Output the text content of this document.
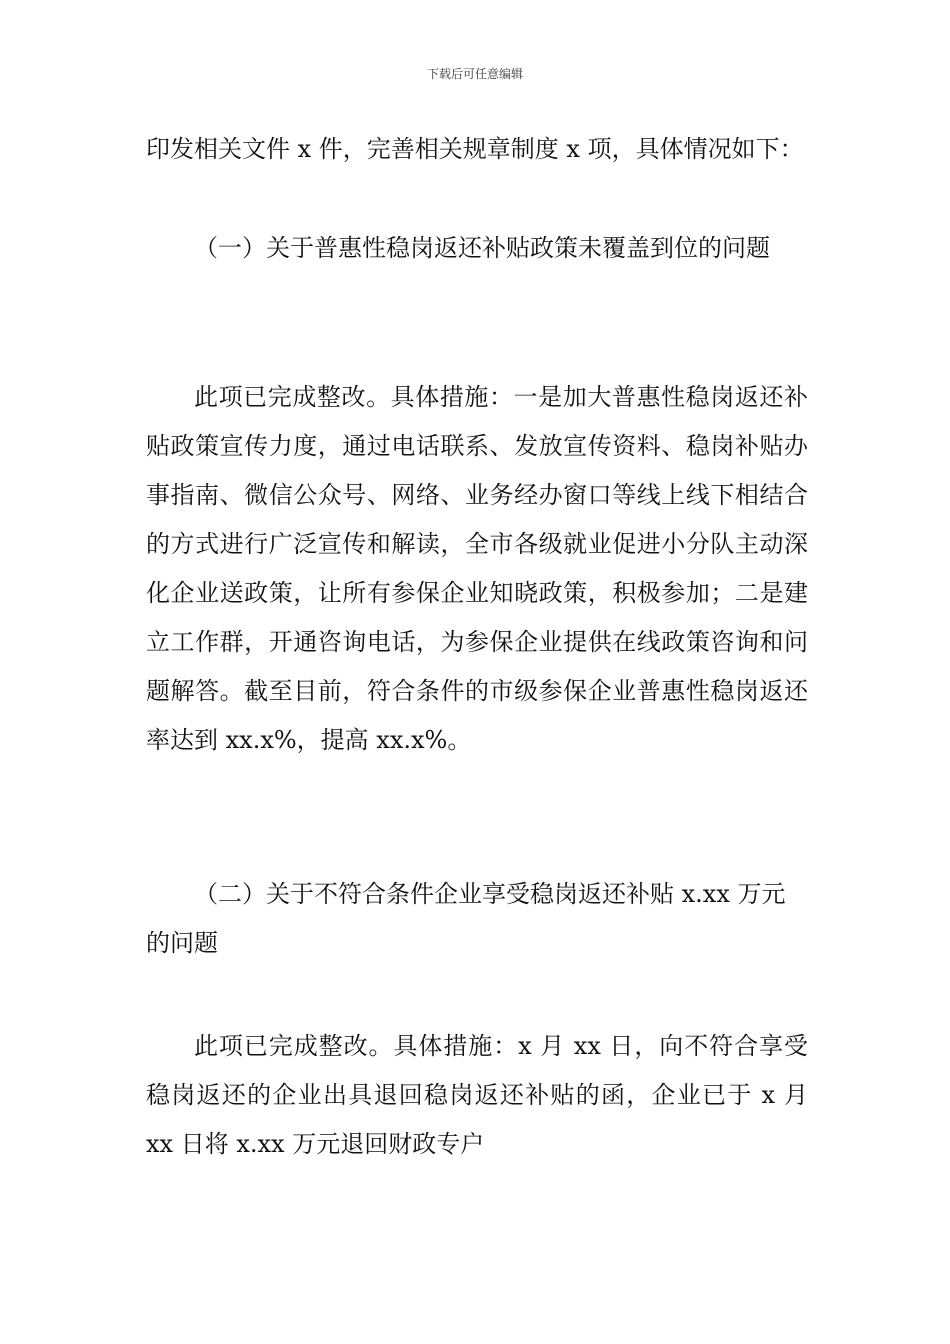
下载后可任意编辑

印发相关文件 x 件，完善相关规章制度 x 项，具体情况如下：

（一）关于普惠性稳岗返还补贴政策未覆盖到位的问题

此项已完成整改。具体措施：一是加大普惠性稳岗返还补贴政策宣传力度，通过电话联系、发放宣传资料、稳岗补贴办事指南、微信公众号、网络、业务经办窗口等线上线下相结合的方式进行广泛宣传和解读，全市各级就业促进小分队主动深化企业送政策，让所有参保企业知晓政策，积极参加；二是建立工作群，开通咨询电话，为参保企业提供在线政策咨询和问题解答。截至目前，符合条件的市级参保企业普惠性稳岗返还率达到 xx.x%，提高 xx.x%。

（二）关于不符合条件企业享受稳岗返还补贴 x.xx 万元的问题

此项已完成整改。具体措施：x 月 xx 日，向不符合享受稳岗返还的企业出具退回稳岗返还补贴的函，企业已于 x 月 xx 日将 x.xx 万元退回财政专户
